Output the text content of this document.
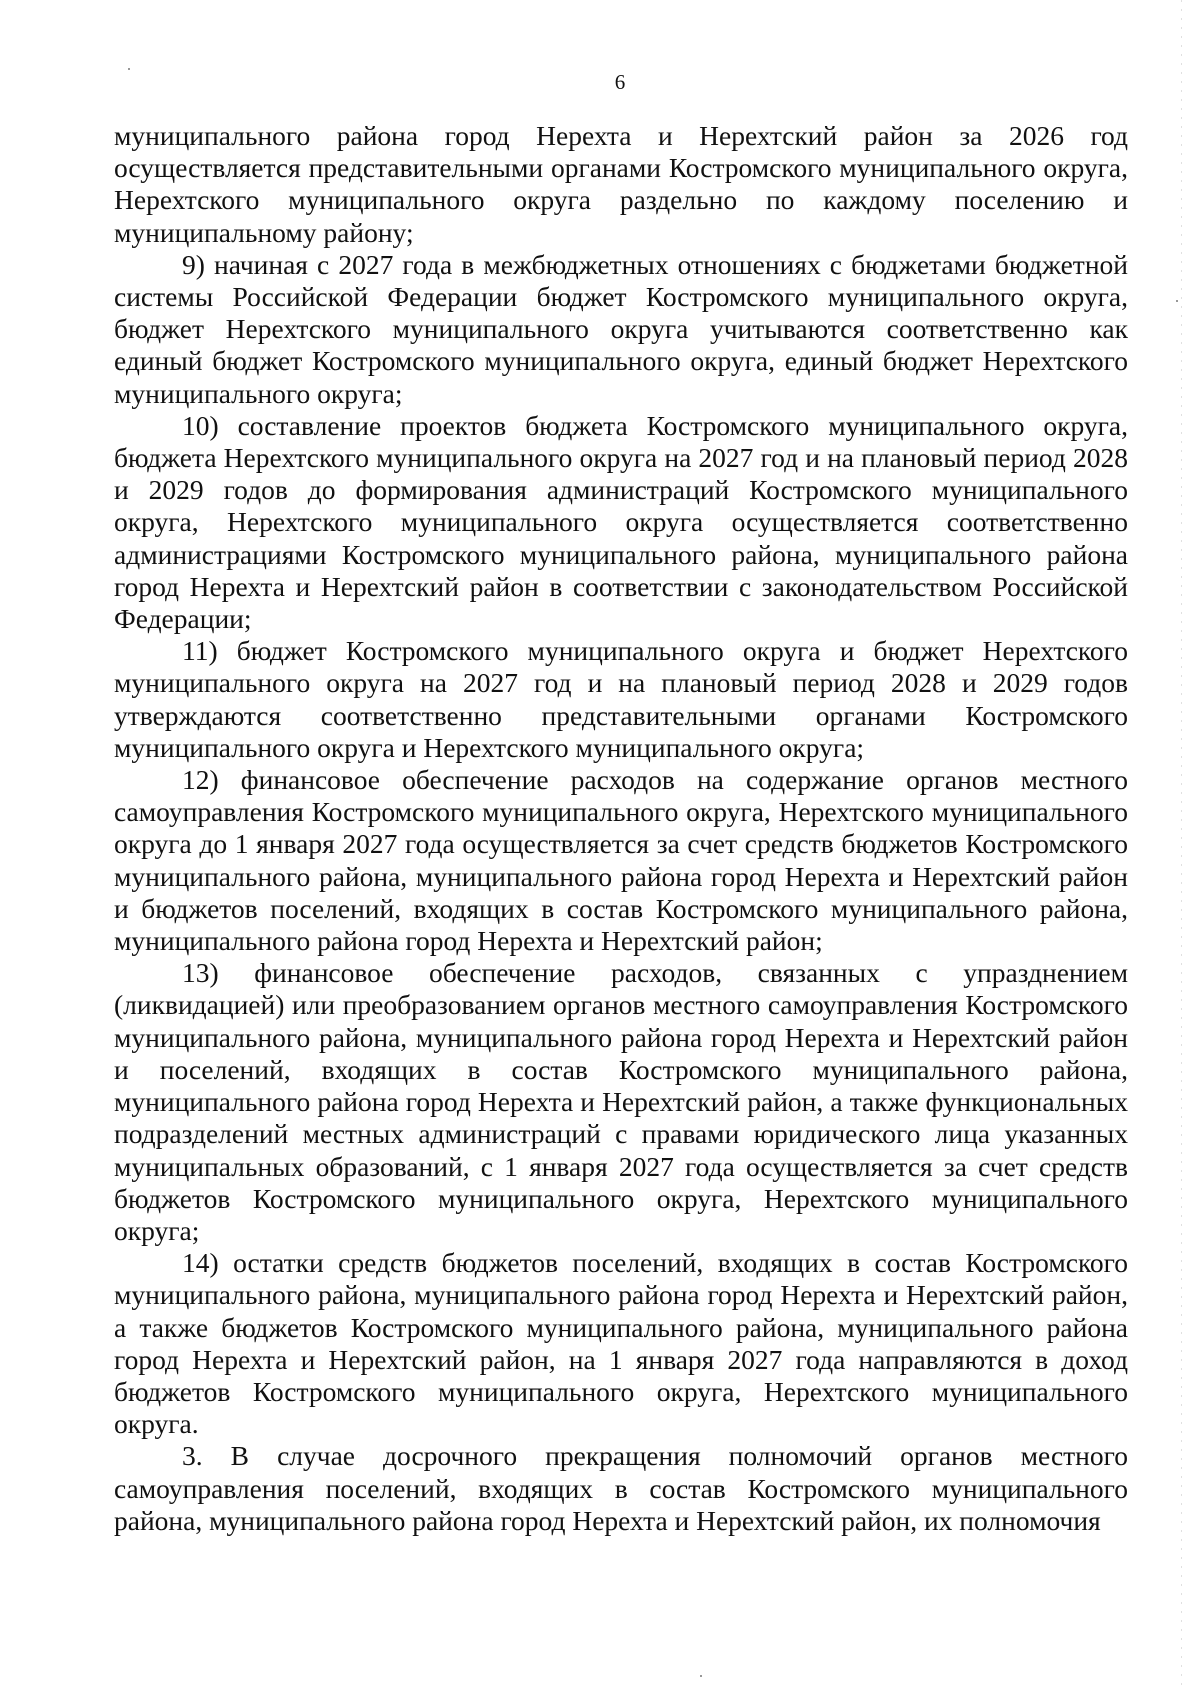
6

муниципального района город Нерехта и Нерехтский район за 2026 год осуществляется представительными органами Костромского муниципального округа, Нерехтского муниципального округа раздельно по каждому поселению и муниципальному району;

9) начиная с 2027 года в межбюджетных отношениях с бюджетами бюджетной системы Российской Федерации бюджет Костромского муниципального округа, бюджет Нерехтского муниципального округа учитываются соответственно как единый бюджет Костромского муниципального округа, единый бюджет Нерехтского муниципального округа;

10) составление проектов бюджета Костромского муниципального округа, бюджета Нерехтского муниципального округа на 2027 год и на плановый период 2028 и 2029 годов до формирования администраций Костромского муниципального округа, Нерехтского муниципального округа осуществляется соответственно администрациями Костромского муниципального района, муниципального района город Нерехта и Нерехтский район в соответствии с законодательством Российской Федерации;

11) бюджет Костромского муниципального округа и бюджет Нерехтского муниципального округа на 2027 год и на плановый период 2028 и 2029 годов утверждаются соответственно представительными органами Костромского муниципального округа и Нерехтского муниципального округа;

12) финансовое обеспечение расходов на содержание органов местного самоуправления Костромского муниципального округа, Нерехтского муниципального округа до 1 января 2027 года осуществляется за счет средств бюджетов Костромского муниципального района, муниципального района город Нерехта и Нерехтский район и бюджетов поселений, входящих в состав Костромского муниципального района, муниципального района город Нерехта и Нерехтский район;

13) финансовое обеспечение расходов, связанных с упразднением (ликвидацией) или преобразованием органов местного самоуправления Костромского муниципального района, муниципального района город Нерехта и Нерехтский район и поселений, входящих в состав Костромского муниципального района, муниципального района город Нерехта и Нерехтский район, а также функциональных подразделений местных администраций с правами юридического лица указанных муниципальных образований, с 1 января 2027 года осуществляется за счет средств бюджетов Костромского муниципального округа, Нерехтского муниципального округа;

14) остатки средств бюджетов поселений, входящих в состав Костромского муниципального района, муниципального района город Нерехта и Нерехтский район, а также бюджетов Костромского муниципального района, муниципального района город Нерехта и Нерехтский район, на 1 января 2027 года направляются в доход бюджетов Костромского муниципального округа, Нерехтского муниципального округа.

3. В случае досрочного прекращения полномочий органов местного самоуправления поселений, входящих в состав Костромского муниципального района, муниципального района город Нерехта и Нерехтский район, их полномочия
